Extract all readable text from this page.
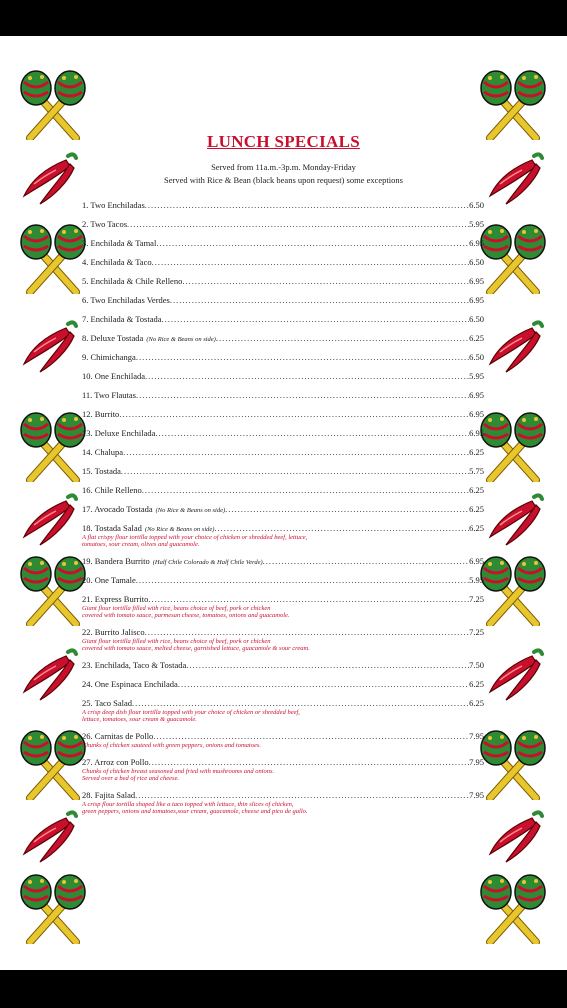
LUNCH SPECIALS
Served from 11a.m.-3p.m. Monday-Friday
Served with Rice & Bean (black beans upon request) some exceptions
1. Two Enchiladas .....	6.50
2. Two Tacos .....	5.95
3. Enchilada & Tamal .....	6.95
4. Enchilada & Taco .....	6.50
5. Enchilada & Chile Relleno .....	6.95
6. Two Enchiladas Verdes .....	6.95
7. Enchilada & Tostada .....	6.50
8. Deluxe Tostada (No Rice & Beans on side) .....	6.25
9. Chimichanga .....	6.50
10. One Enchilada .....	5.95
11. Two Flautas .....	6.95
12. Burrito .....	6.95
13. Deluxe Enchilada .....	6.95
14. Chalupa .....	6.25
15. Tostada .....	5.75
16. Chile Relleno .....	6.25
17. Avocado Tostada (No Rice & Beans on side) .....	6.25
18. Tostada Salad (No Rice & Beans on side) .....	6.25
A flat crispy flour tortilla topped with your choice of chicken or shredded beef, lettuce,
tomatoes, sour cream, olives and guacamole.
19. Bandera Burrito (Half Chile Colorado & Half Chile Verde) .....	6.95
20. One Tamale .....	5.95
21. Express Burrito .....	7.25
Giant flour tortilla filled with rice, beans choice of beef, pork or chicken
covered with tomato sauce, parmesan cheese, tomatoes, onions and guacamole.
22. Burrito Jalisco .....	7.25
Giant flour tortilla filled with rice, beans choice of beef, pork or chicken
covered with tomato sauce, melted cheese, garnished lettuce, guacamole & sour cream.
23. Enchilada, Taco & Tostada .....	7.50
24. One Espinaca Enchilada .....	6.25
25. Taco Salad .....	6.25
A crisp deep dish flour tortilla topped with your choice of chicken or shredded beef,
lettuce, tomatoes, sour cream & guacamole.
26. Carnitas de Pollo .....	7.95
Chunks of chicken sauteed with green peppers, onions and tomatoes.
27. Arroz con Pollo .....	7.95
Chunks of chicken breast seasoned and fried with mushrooms and onions.
Served over a bed of rice and cheese.
28. Fajita Salad .....	7.95
A crisp flour tortilla shaped like a taco topped with lettuce, thin slices of chicken,
green peppers, onions and tomatoes,sour cream, guacamole, cheese and pico de gallo.
